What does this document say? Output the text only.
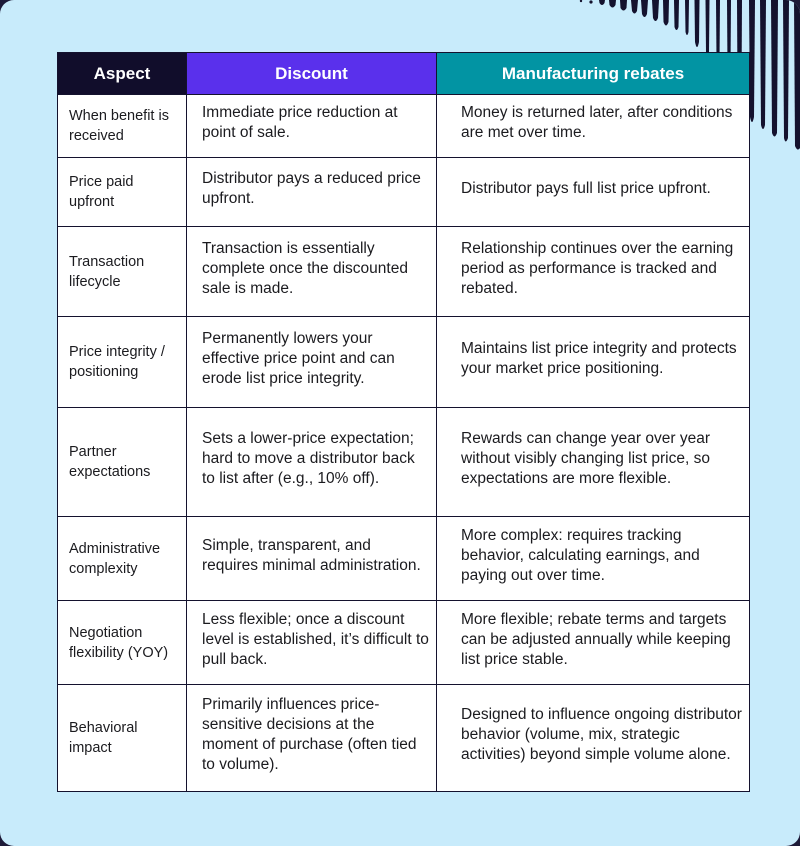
Aspect	Discount	Manufacturing rebates
When benefit is received	Immediate price reduction at point of sale.	Money is returned later, after conditions are met over time.
Price paid upfront	Distributor pays a reduced price upfront.	Distributor pays full list price upfront.
Transaction lifecycle	Transaction is essentially complete once the discounted sale is made.	Relationship continues over the earning period as performance is tracked and rebated.
Price integrity / positioning	Permanently lowers your effective price point and can erode list price integrity.	Maintains list price integrity and protects your market price positioning.
Partner expectations	Sets a lower-price expectation; hard to move a distributor back to list after (e.g., 10% off).	Rewards can change year over year without visibly changing list price, so expectations are more flexible.
Administrative complexity	Simple, transparent, and requires minimal administration.	More complex: requires tracking behavior, calculating earnings, and paying out over time.
Negotiation flexibility (YOY)	Less flexible; once a discount level is established, it’s difficult to pull back.	More flexible; rebate terms and targets can be adjusted annually while keeping list price stable.
Behavioral impact	Primarily influences price-sensitive decisions at the moment of purchase (often tied to volume).	Designed to influence ongoing distributor behavior (volume, mix, strategic activities) beyond simple volume alone.
